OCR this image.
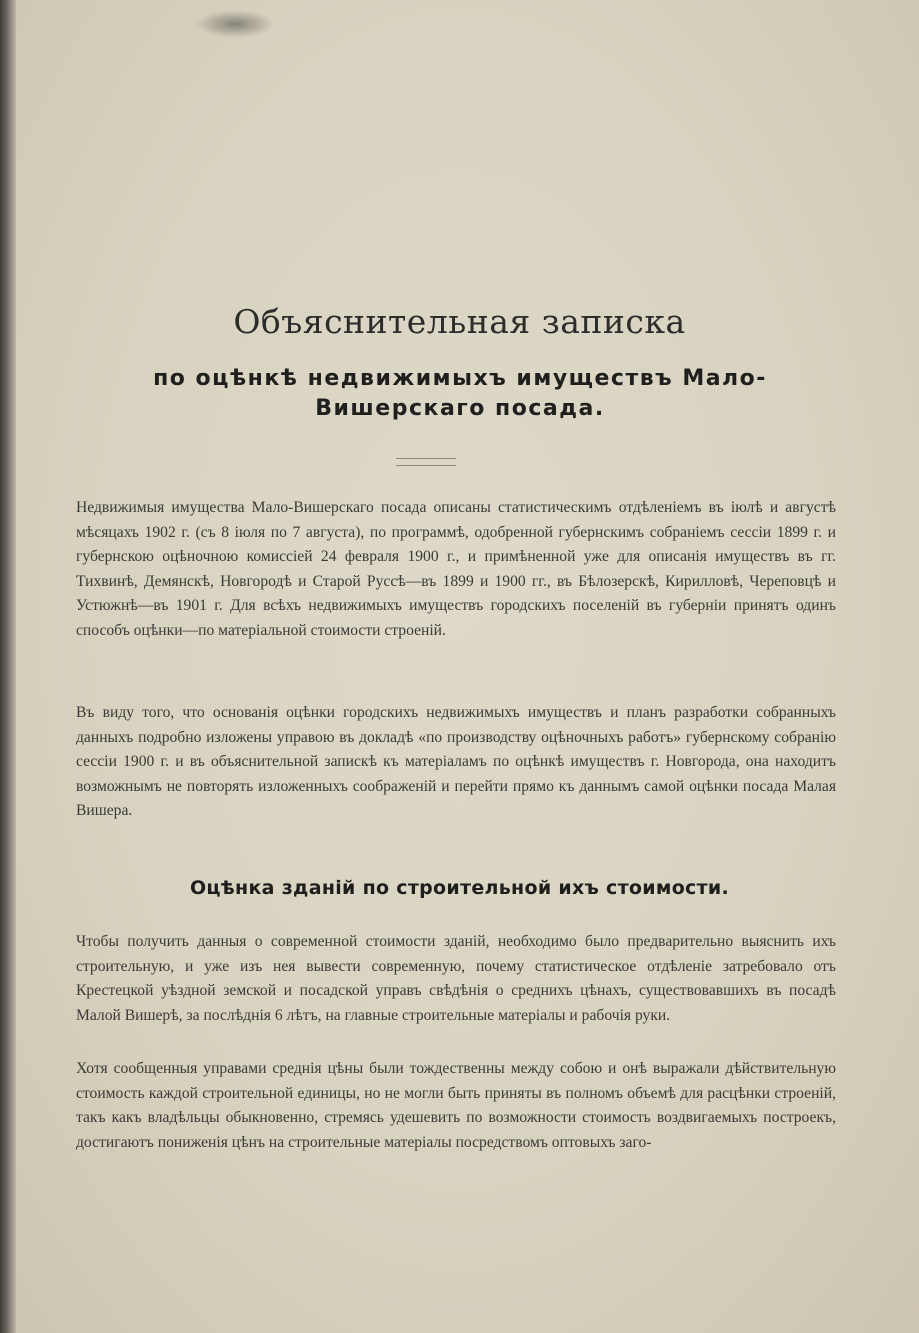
Объяснительная записка
по оцѣнкѣ недвижимыхъ имуществъ Мало-Вишерскаго посада.
Недвижимыя имущества Мало-Вишерскаго посада описаны статистическимъ отдѣленіемъ въ іюлѣ и августѣ мѣсяцахъ 1902 г. (съ 8 іюля по 7 августа), по программѣ, одобренной губернскимъ собраніемъ сессіи 1899 г. и губернскою оцѣночною комиссіей 24 февраля 1900 г., и примѣненной уже для описанія имуществъ въ гг. Тихвинѣ, Демянскѣ, Новгородѣ и Старой Руссѣ—въ 1899 и 1900 гг., въ Бѣлозерскѣ, Кирилловѣ, Череповцѣ и Устюжнѣ—въ 1901 г. Для всѣхъ недвижимыхъ имуществъ городскихъ поселеній въ губерніи принятъ одинъ способъ оцѣнки—по матеріальной стоимости строеній.
Въ виду того, что основанія оцѣнки городскихъ недвижимыхъ имуществъ и планъ разработки собранныхъ данныхъ подробно изложены управою въ докладѣ «по производству оцѣночныхъ работъ» губернскому собранію сессіи 1900 г. и въ объяснительной запискѣ къ матеріаламъ по оцѣнкѣ имуществъ г. Новгорода, она находитъ возможнымъ не повторять изложенныхъ соображеній и перейти прямо къ даннымъ самой оцѣнки посада Малая Вишера.
Оцѣнка зданій по строительной ихъ стоимости.
Чтобы получить данныя о современной стоимости зданій, необходимо было предварительно выяснить ихъ строительную, и уже изъ нея вывести современную, почему статистическое отдѣленіе затребовало отъ Крестецкой уѣздной земской и посадской управъ свѣдѣнія о среднихъ цѣнахъ, существовавшихъ въ посадѣ Малой Вишерѣ, за послѣднія 6 лѣтъ, на главные строительные матеріалы и рабочія руки.
Хотя сообщенныя управами среднія цѣны были тождественны между собою и онѣ выражали дѣйствительную стоимость каждой строительной единицы, но не могли быть приняты въ полномъ объемѣ для расцѣнки строеній, такъ какъ владѣльцы обыкновенно, стремясь удешевить по возможности стоимость воздвигаемыхъ построекъ, достигаютъ пониженія цѣнъ на строительные матеріалы посредствомъ оптовыхъ заго-
